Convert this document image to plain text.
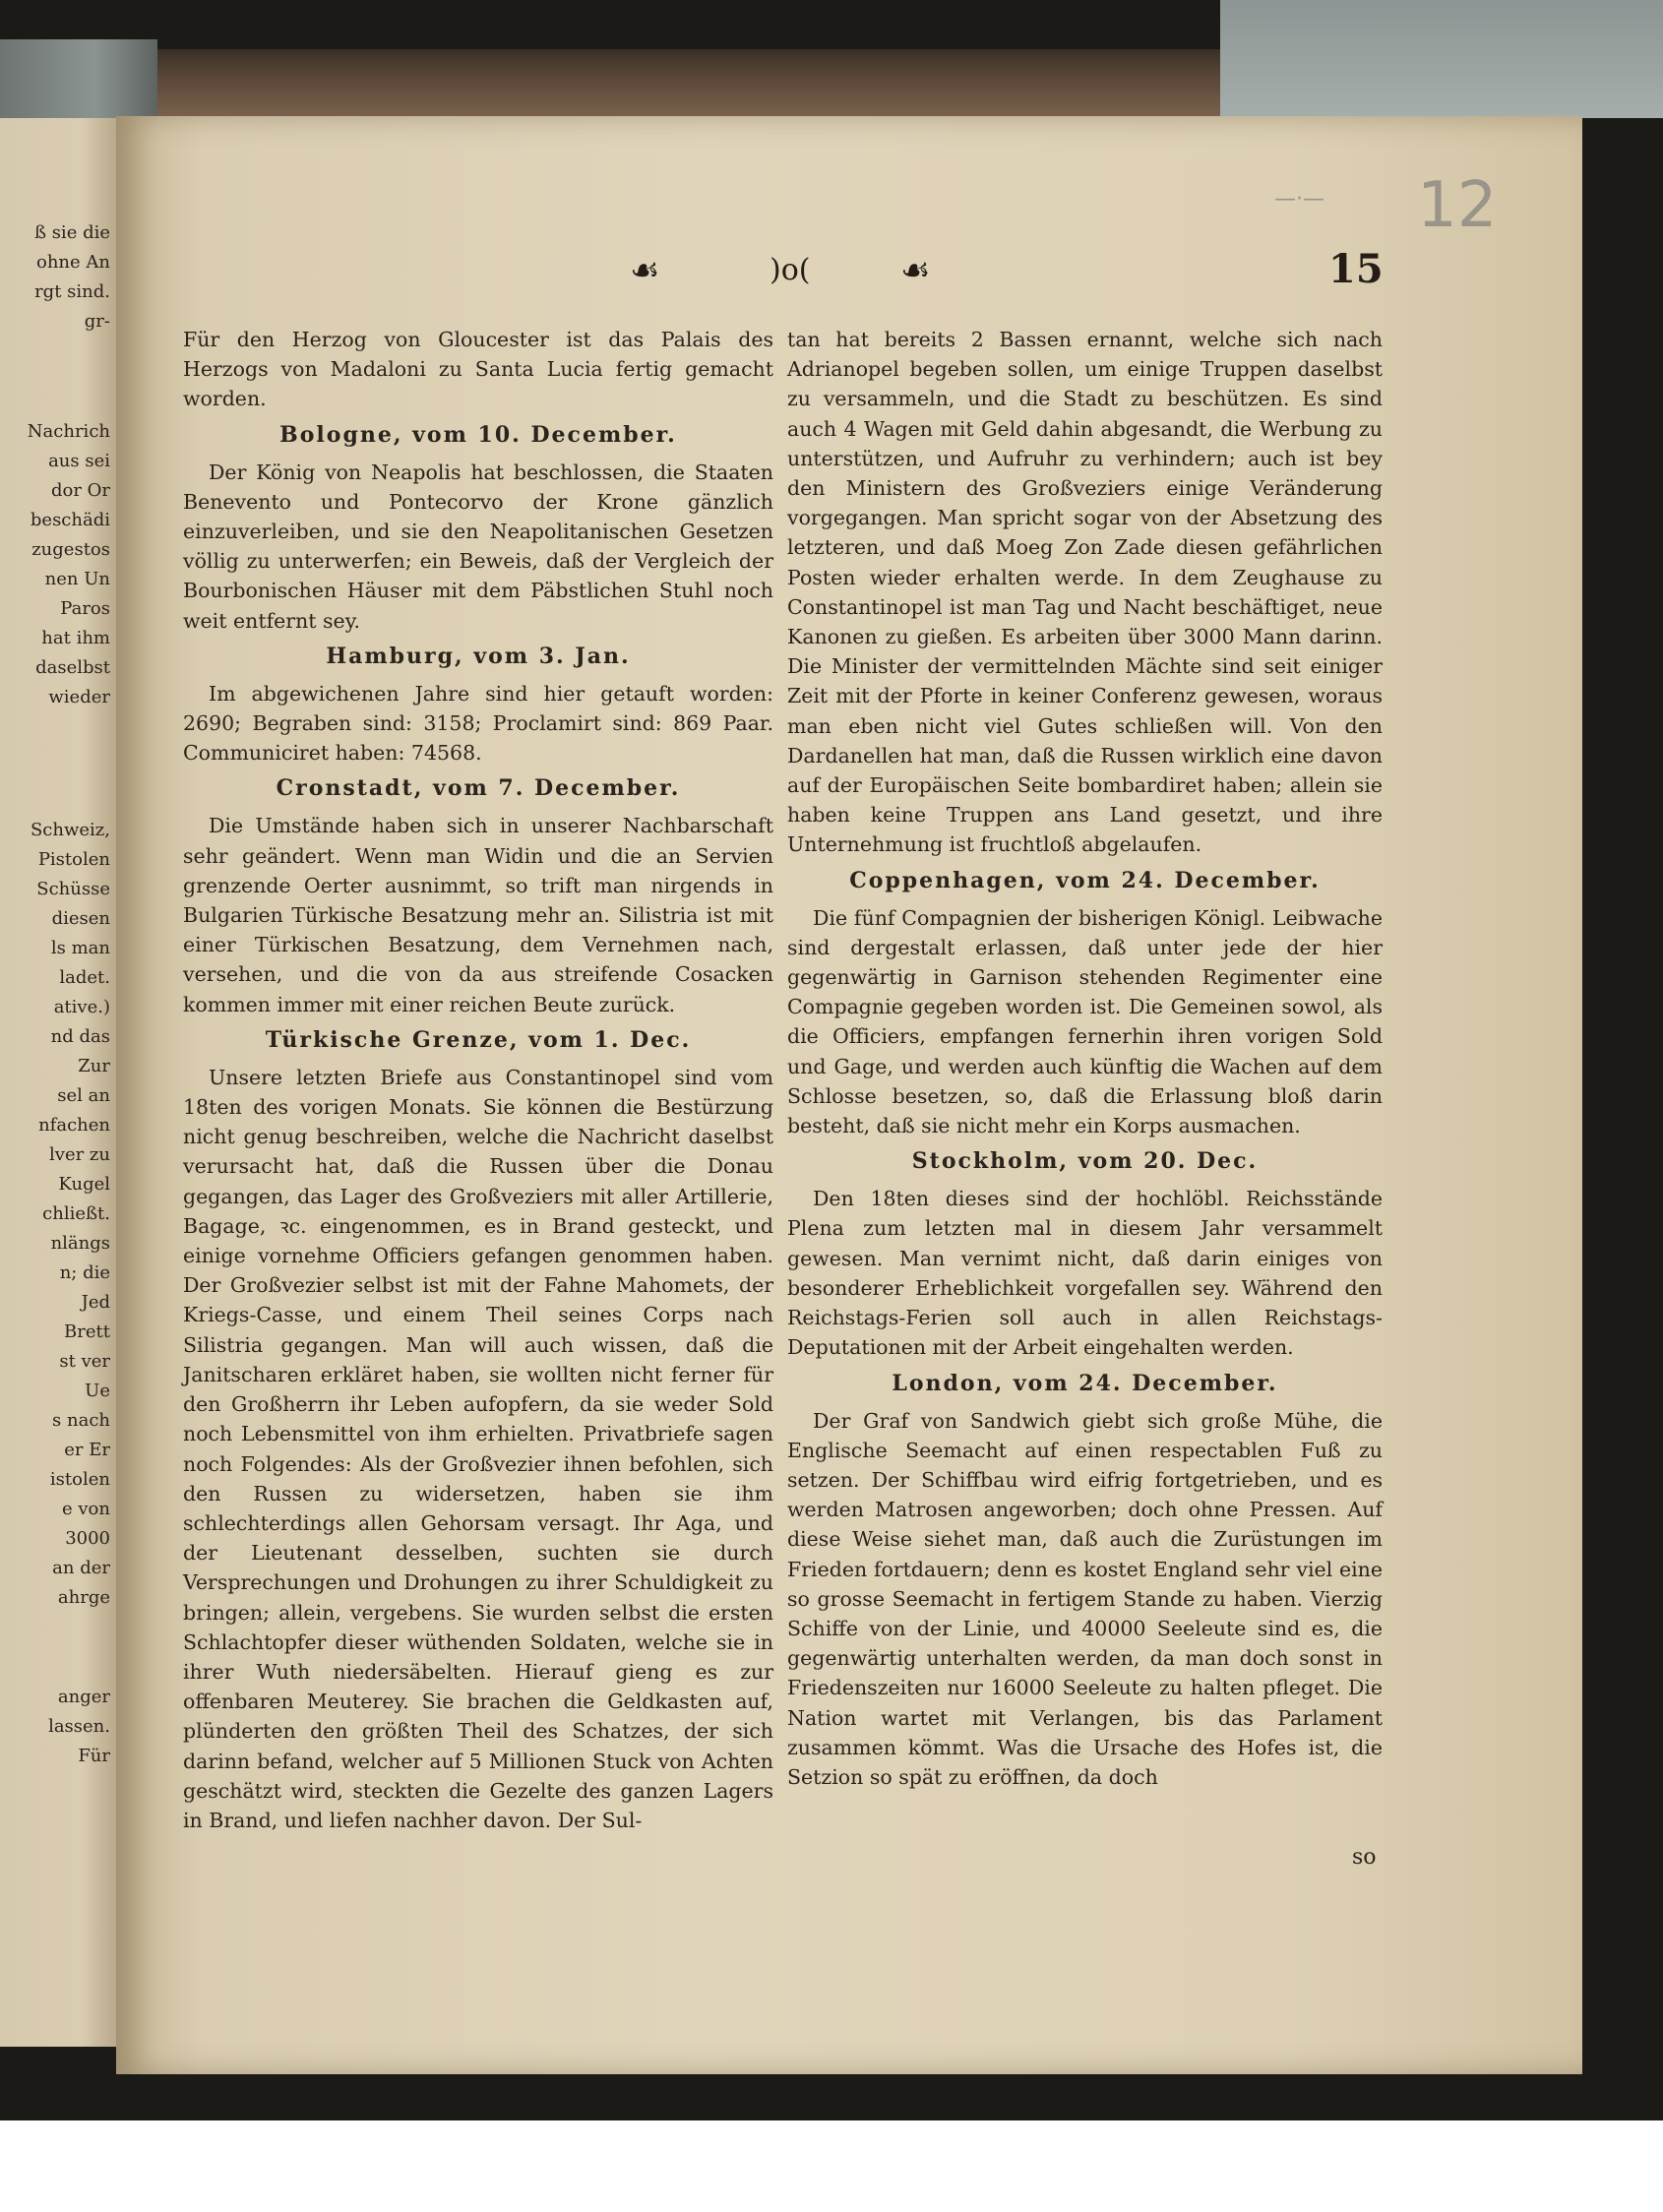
ß sie die
ohne An
rgt sind.
gr-
Nachrich
aus sei
dor Or
beschädi
zugestos
nen Un
Paros
hat ihm
daselbst
wieder
Schweiz,
Pistolen
Schüsse
diesen
ls man
ladet.
ative.)
nd das
Zur
sel an
nfachen
lver zu
Kugel
chließt.
nlängs
n; die
Jed
Brett
st ver
Ue
s nach
er Er
istolen
e von
3000
an der
ahrge
anger
lassen.
Für
—·— 12
☙	)o(	☙	15

Für den Herzog von Gloucester ist das Palais des Herzogs von Madaloni zu Santa Lucia fertig gemacht worden.

Bologne, vom 10. December.

Der König von Neapolis hat beschlossen, die Staaten Benevento und Pontecorvo der Krone gänzlich einzuverleiben, und sie den Neapolitanischen Gesetzen völlig zu unterwerfen; ein Beweis, daß der Vergleich der Bourbonischen Häuser mit dem Päbstlichen Stuhl noch weit entfernt sey.

Hamburg, vom 3. Jan.

Im abgewichenen Jahre sind hier getauft worden: 2690; Begraben sind: 3158; Proclamirt sind: 869 Paar. Communiciret haben: 74568.

Cronstadt, vom 7. December.

Die Umstände haben sich in unserer Nachbarschaft sehr geändert. Wenn man Widin und die an Servien grenzende Oerter ausnimmt, so trift man nirgends in Bulgarien Türkische Besatzung mehr an. Silistria ist mit einer Türkischen Besatzung, dem Vernehmen nach, versehen, und die von da aus streifende Cosacken kommen immer mit einer reichen Beute zurück.

Türkische Grenze, vom 1. Dec.

Unsere letzten Briefe aus Constantinopel sind vom 18ten des vorigen Monats. Sie können die Bestürzung nicht genug beschreiben, welche die Nachricht daselbst verursacht hat, daß die Russen über die Donau gegangen, das Lager des Großveziers mit aller Artillerie, Bagage, ꝛc. eingenommen, es in Brand gesteckt, und einige vornehme Officiers gefangen genommen haben. Der Großvezier selbst ist mit der Fahne Mahomets, der Kriegs-Casse, und einem Theil seines Corps nach Silistria gegangen. Man will auch wissen, daß die Janitscharen erkläret haben, sie wollten nicht ferner für den Großherrn ihr Leben aufopfern, da sie weder Sold noch Lebensmittel von ihm erhielten. Privatbriefe sagen noch Folgendes: Als der Großvezier ihnen befohlen, sich den Russen zu widersetzen, haben sie ihm schlechterdings allen Gehorsam versagt. Ihr Aga, und der Lieutenant desselben, suchten sie durch Versprechungen und Drohungen zu ihrer Schuldigkeit zu bringen; allein, vergebens. Sie wurden selbst die ersten Schlachtopfer dieser wüthenden Soldaten, welche sie in ihrer Wuth niedersäbelten. Hierauf gieng es zur offenbaren Meuterey. Sie brachen die Geldkasten auf, plünderten den größten Theil des Schatzes, der sich darinn befand, welcher auf 5 Millionen Stuck von Achten geschätzt wird, steckten die Gezelte des ganzen Lagers in Brand, und liefen nachher davon. Der Sul-

tan hat bereits 2 Bassen ernannt, welche sich nach Adrianopel begeben sollen, um einige Truppen daselbst zu versammeln, und die Stadt zu beschützen. Es sind auch 4 Wagen mit Geld dahin abgesandt, die Werbung zu unterstützen, und Aufruhr zu verhindern; auch ist bey den Ministern des Großveziers einige Veränderung vorgegangen. Man spricht sogar von der Absetzung des letzteren, und daß Moeg Zon Zade diesen gefährlichen Posten wieder erhalten werde. In dem Zeughause zu Constantinopel ist man Tag und Nacht beschäftiget, neue Kanonen zu gießen. Es arbeiten über 3000 Mann darinn. Die Minister der vermittelnden Mächte sind seit einiger Zeit mit der Pforte in keiner Conferenz gewesen, woraus man eben nicht viel Gutes schließen will. Von den Dardanellen hat man, daß die Russen wirklich eine davon auf der Europäischen Seite bombardiret haben; allein sie haben keine Truppen ans Land gesetzt, und ihre Unternehmung ist fruchtloß abgelaufen.

Coppenhagen, vom 24. December.

Die fünf Compagnien der bisherigen Königl. Leibwache sind dergestalt erlassen, daß unter jede der hier gegenwärtig in Garnison stehenden Regimenter eine Compagnie gegeben worden ist. Die Gemeinen sowol, als die Officiers, empfangen fernerhin ihren vorigen Sold und Gage, und werden auch künftig die Wachen auf dem Schlosse besetzen, so, daß die Erlassung bloß darin besteht, daß sie nicht mehr ein Korps ausmachen.

Stockholm, vom 20. Dec.

Den 18ten dieses sind der hochlöbl. Reichsstände Plena zum letzten mal in diesem Jahr versammelt gewesen. Man vernimt nicht, daß darin einiges von besonderer Erheblichkeit vorgefallen sey. Während den Reichstags-Ferien soll auch in allen Reichstags-Deputationen mit der Arbeit eingehalten werden.

London, vom 24. December.

Der Graf von Sandwich giebt sich große Mühe, die Englische Seemacht auf einen respectablen Fuß zu setzen. Der Schiffbau wird eifrig fortgetrieben, und es werden Matrosen angeworben; doch ohne Pressen. Auf diese Weise siehet man, daß auch die Zurüstungen im Frieden fortdauern; denn es kostet England sehr viel eine so grosse Seemacht in fertigem Stande zu haben. Vierzig Schiffe von der Linie, und 40000 Seeleute sind es, die gegenwärtig unterhalten werden, da man doch sonst in Friedenszeiten nur 16000 Seeleute zu halten pfleget. Die Nation wartet mit Verlangen, bis das Parlament zusammen kömmt. Was die Ursache des Hofes ist, die Setzion so spät zu eröffnen, da doch

so
